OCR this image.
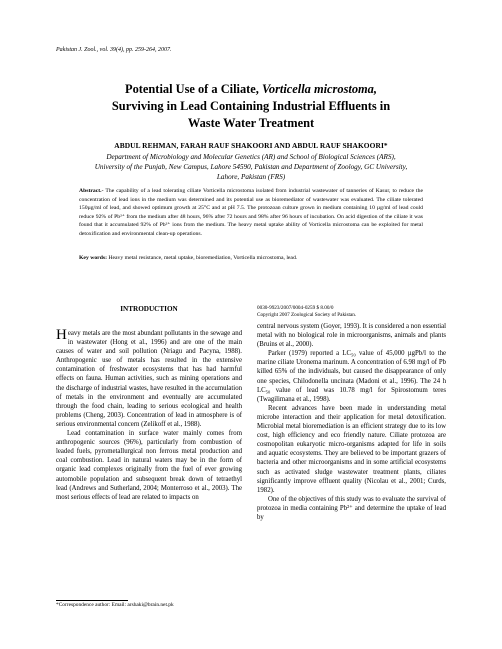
Pakistan J. Zool., vol. 39(4), pp. 259-264, 2007.
Potential Use of a Ciliate, Vorticella microstoma,
Surviving in Lead Containing Industrial Effluents in
Waste Water Treatment
ABDUL REHMAN, FARAH RAUF SHAKOORI AND ABDUL RAUF SHAKOORI*
Department of Microbiology and Molecular Genetics (AR) and School of Biological Sciences (ARS),
University of the Punjab, New Campus, Lahore 54590, Pakistan and Department of Zoology, GC University,
Lahore, Pakistan (FRS)
Abstract.- The capability of a lead tolerating ciliate Vorticella microstoma isolated from industrial wastewater of tanneries of Kasur, to reduce the concentration of lead ions in the medium was determined and its potential use as bioremediator of wastewater was evaluated. The ciliate tolerated 150µg/ml of lead, and showed optimum growth at 25°C and at pH 7.5. The protozoan culture grown in medium containing 10 µg/ml of lead could reduce 92% of Pb²⁺ from the medium after 48 hours, 96% after 72 hours and 98% after 96 hours of incubation. On acid digestion of the ciliate it was found that it accumulated 92% of Pb²⁺ ions from the medium. The heavy metal uptake ability of Vorticella microstoma can be exploited for metal detoxification and environmental clean-up operations.
Key words: Heavy metal resistance, metal uptake, bioremediation, Vorticella microstoma, lead.
INTRODUCTION

Heavy metals are the most abundant pollutants in the sewage and in wastewater (Hong et al., 1996) and are one of the main causes of water and soil pollution (Nriagu and Pacyna, 1988). Anthropogenic use of metals has resulted in the extensive contamination of freshwater ecosystems that has had harmful effects on fauna. Human activities, such as mining operations and the discharge of industrial wastes, have resulted in the accumulation of metals in the environment and eventually are accumulated through the food chain, leading to serious ecological and health problems (Cheng, 2003). Concentration of lead in atmosphere is of serious environmental concern (Zelikoff et al., 1988).

Lead contamination in surface water mainly comes from anthropogenic sources (96%), particularly from combustion of leaded fuels, pyrometallurgical non ferrous metal production and coal combustion. Lead in natural waters may be in the form of organic lead complexes originally from the fuel of ever growing automobile population and subsequent break down of tetraethyl lead (Andrews and Sutherland, 2004; Monterroso et al., 2003). The most serious effects of lead are related to impacts on

0030-9923/2007/0004-0259 $ 8.00/0
Copyright 2007 Zoological Society of Pakistan.

central nervous system (Goyer, 1993). It is considered a non essential metal with no biological role in microorganisms, animals and plants (Bruins et al., 2000).

Parker (1979) reported a LC₅₀ value of 45,000 µgPb/l to the marine ciliate Uronema marinum. A concentration of 6.98 mg/l of Pb killed 65% of the individuals, but caused the disappearance of only one species, Chilodonella uncinata (Madoni et al., 1996). The 24 h LC₅₀ value of lead was 10.78 mg/l for Spirostomum teres (Twagilimana et al., 1998).

Recent advances have been made in understanding metal microbe interaction and their application for metal detoxification. Microbial metal bioremediation is an efficient strategy due to its low cost, high efficiency and eco friendly nature. Ciliate protozoa are cosmopolitan eukaryotic micro-organisms adapted for life in soils and aquatic ecosystems. They are believed to be important grazers of bacteria and other microorganisms and in some artificial ecosystems such as activated sludge wastewater treatment plants, ciliates significantly improve effluent quality (Nicolau et al., 2001; Curds, 1982).

One of the objectives of this study was to evaluate the survival of protozoa in media containing Pb²⁺ and determine the uptake of lead by

*Correspondence author: Email: arshaki@brain.net.pk
